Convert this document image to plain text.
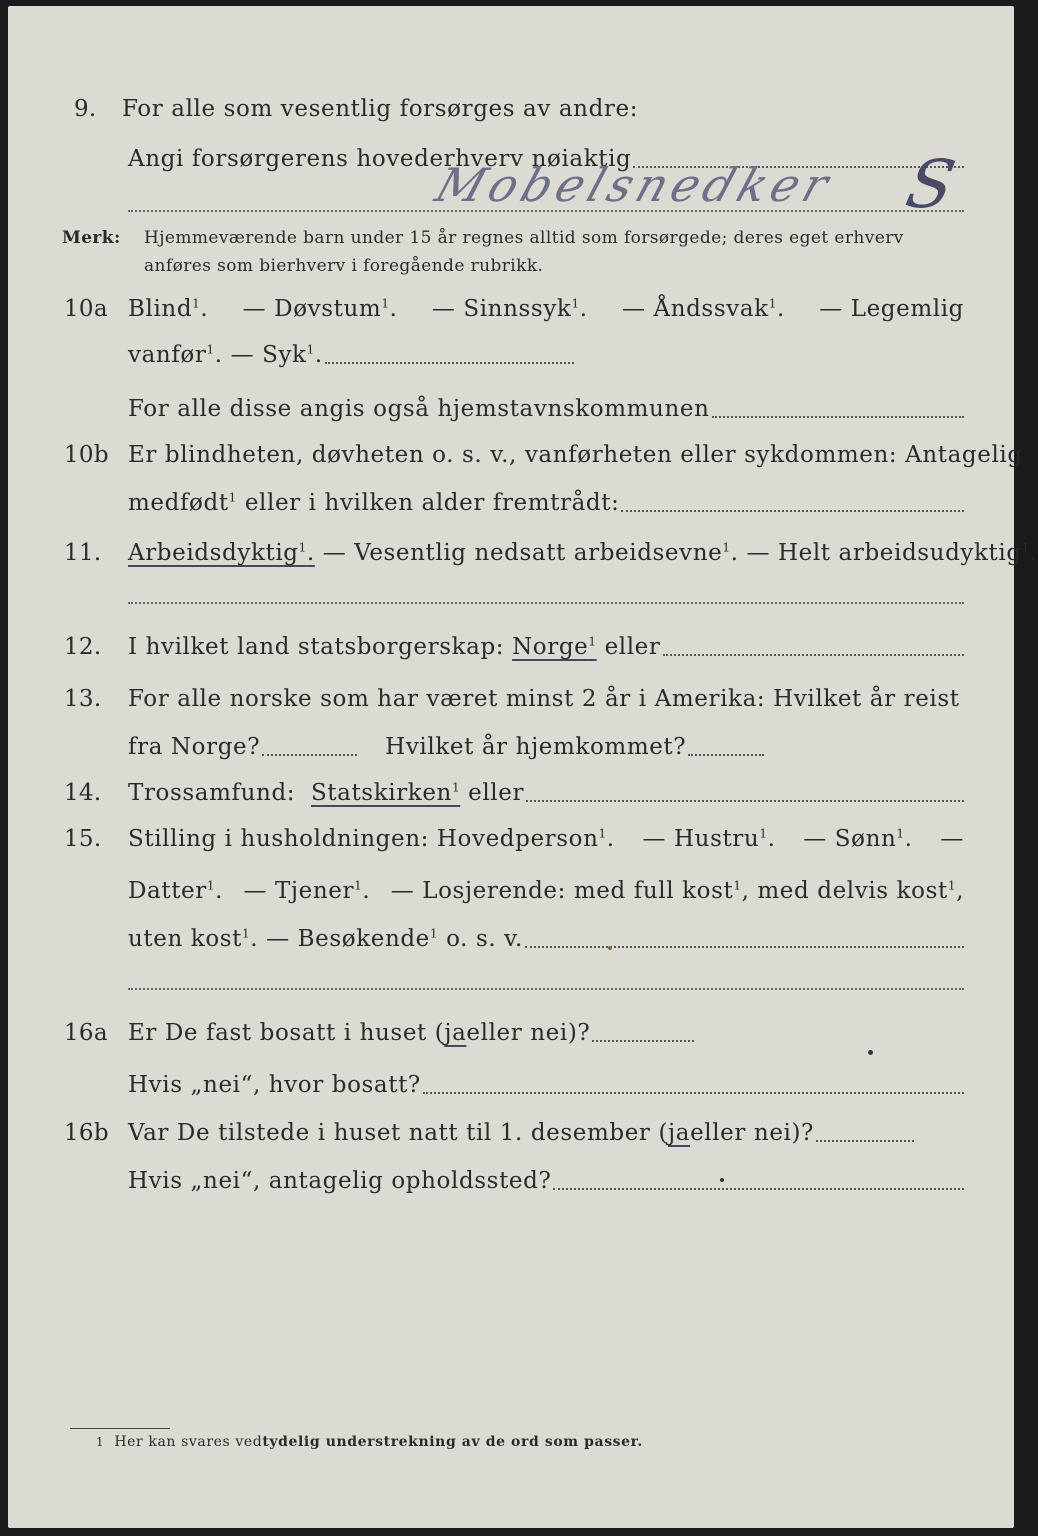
9. For alle som vesentlig forsørges av andre:
Angi forsørgerens hovederhverv nøiaktig
Mobelsnedker
Merk: Hjemmeværende barn under 15 år regnes alltid som forsørgede; deres eget erhverv
anføres som bierhverv i foregående rubrikk.
10a Blind$^1$. — Døvstum$^1$. — Sinnssyk$^1$. — Åndssvak$^1$. — Legemlig
vanfør$^1$.
— Syk$^1$.
For alle disse angis også hjemstavnskommunen
10b Er blindheten, døvheten o. s. v., vanførheten eller sykdommen: Antagelig
medfødt$^1$
eller i hvilken alder fremtrådt:
11. Arbeidsdyktig$^1$.
— Vesentlig nedsatt arbeidsevne$^1$.
— Helt arbeidsudyktig$^1$.
12. I hvilket land statsborgerskap:
Norge$^1$
eller
13. For alle norske som har været minst 2 år i Amerika: Hvilket år reist
fra Norge?	Hvilket år hjemkommet?
14. Trossamfund:
Statskirken$^1$
eller
15. Stilling i husholdningen: Hovedperson$^1$. — Hustru$^1$. — Sønn$^1$. —
Datter$^1$. — Tjener$^1$. — Losjerende: med full kost$^1$ , med delvis kost$^1$ ,
uten kost$^1$.
— Besøkende$^1$
o. s. v.
16a Er De fast bosatt i huset ( ja eller nei)?
Hvis „nei“, hvor bosatt?
16b Var De tilstede i huset natt til 1. desember ( ja eller nei)?
Hvis „nei“, antagelig opholdssted?
1
Her kan svares ved tydelig understrekning av de ord som passer.
S
